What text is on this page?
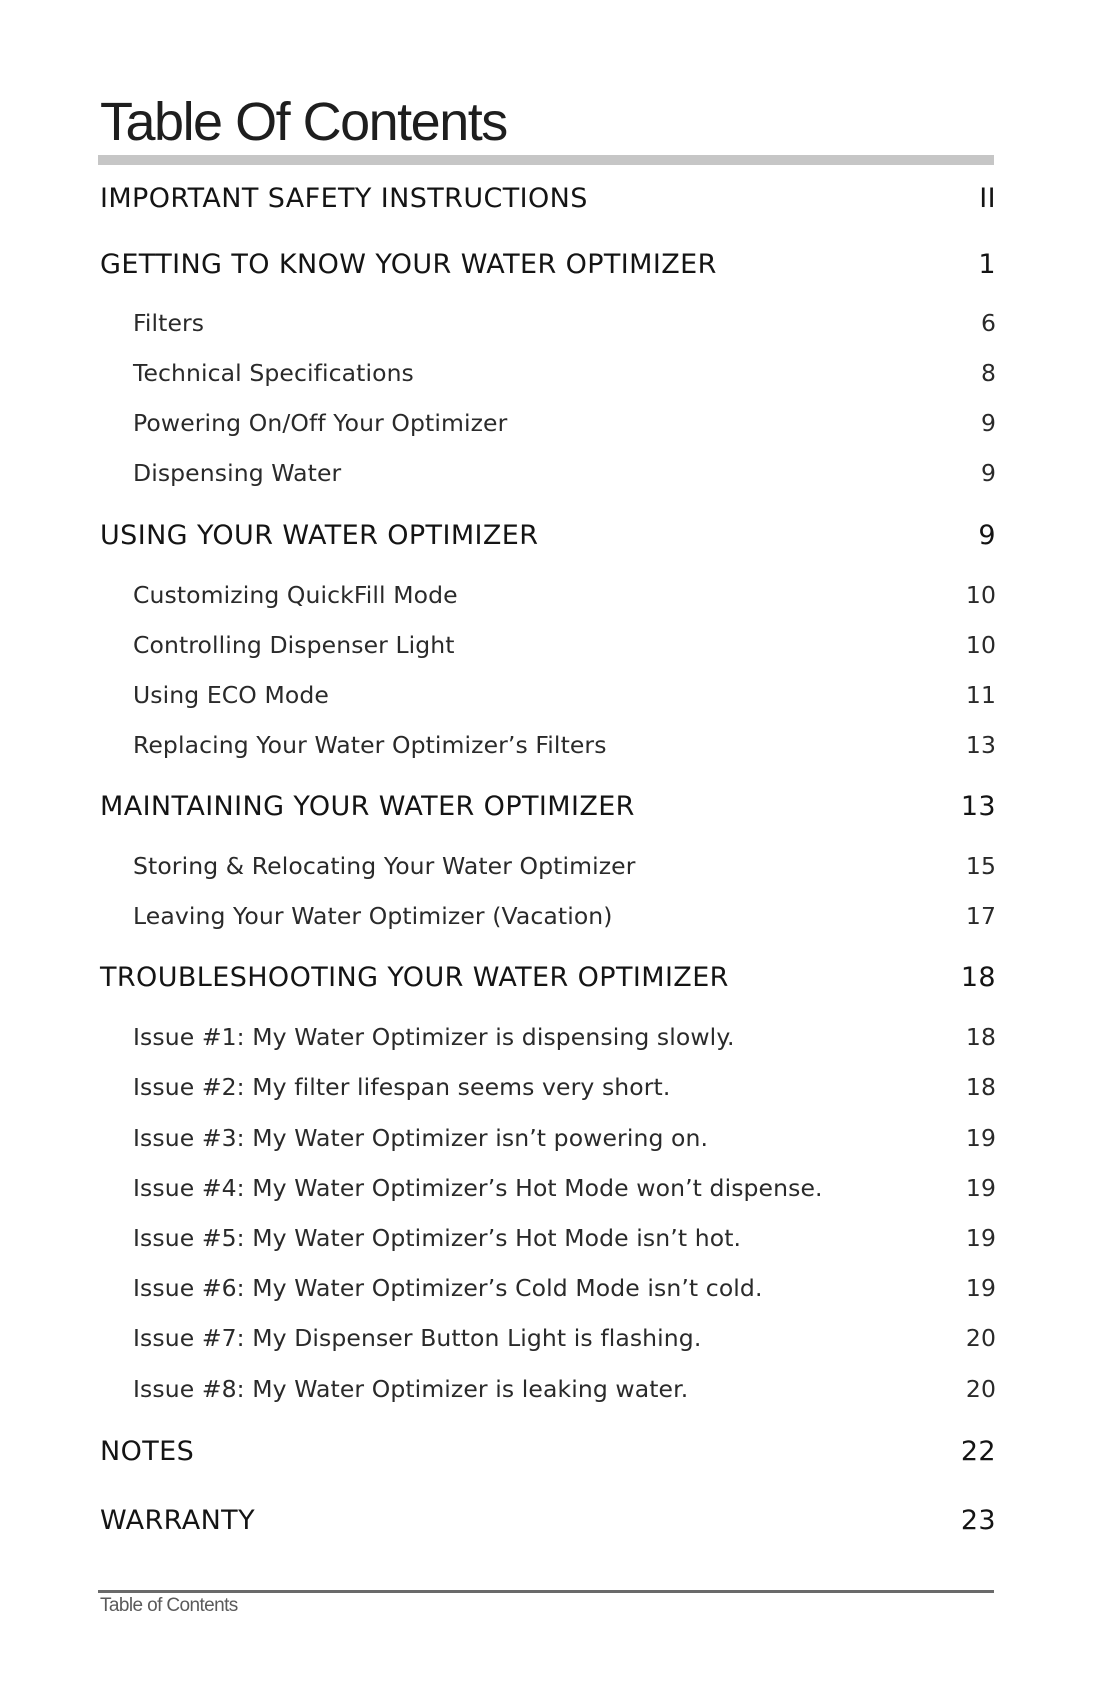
Table Of Contents
IMPORTANT SAFETY INSTRUCTIONS	II
GETTING TO KNOW YOUR WATER OPTIMIZER	1
Filters	6
Technical Specifications	8
Powering On/Off Your Optimizer	9
Dispensing Water	9
USING YOUR WATER OPTIMIZER	9
Customizing QuickFill Mode	10
Controlling Dispenser Light	10
Using ECO Mode	11
Replacing Your Water Optimizer’s Filters	13
MAINTAINING YOUR WATER OPTIMIZER	13
Storing & Relocating Your Water Optimizer	15
Leaving Your Water Optimizer (Vacation)	17
TROUBLESHOOTING YOUR WATER OPTIMIZER	18
Issue #1: My Water Optimizer is dispensing slowly.	18
Issue #2: My filter lifespan seems very short.	18
Issue #3: My Water Optimizer isn’t powering on.	19
Issue #4: My Water Optimizer’s Hot Mode won’t dispense.	19
Issue #5: My Water Optimizer’s Hot Mode isn’t hot.	19
Issue #6: My Water Optimizer’s Cold Mode isn’t cold.	19
Issue #7: My Dispenser Button Light is flashing.	20
Issue #8: My Water Optimizer is leaking water.	20
NOTES	22
WARRANTY	23
Table of Contents
